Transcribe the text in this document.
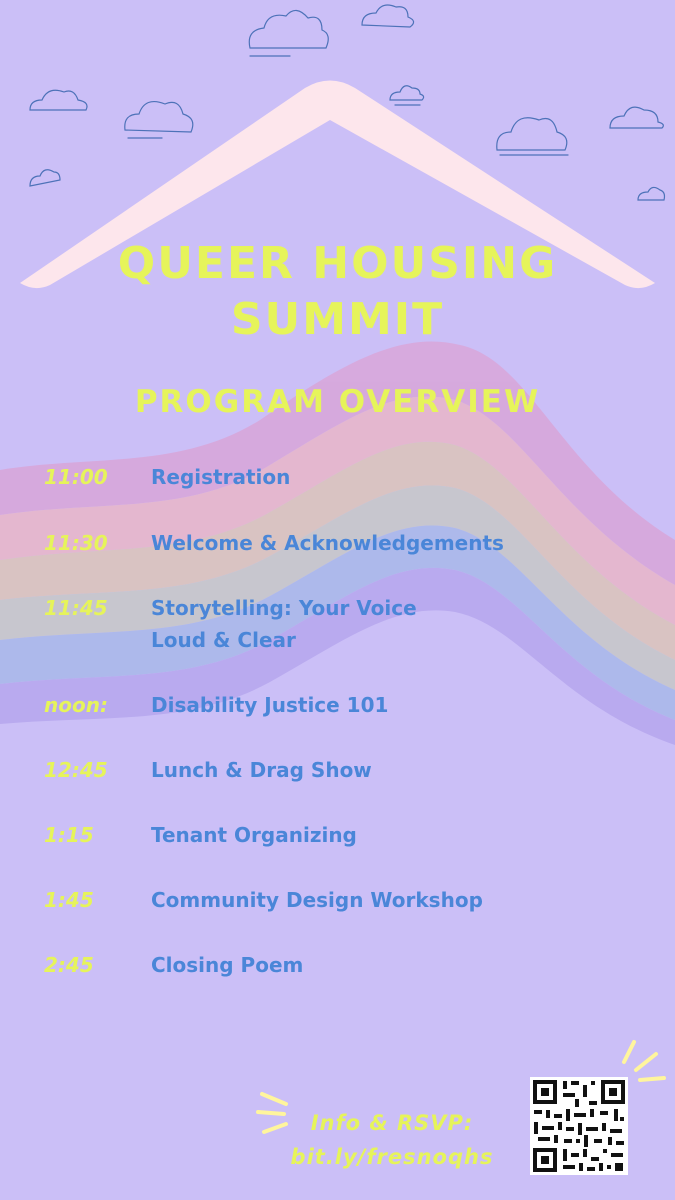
QUEER HOUSING
SUMMIT
PROGRAM OVERVIEW
11:00 Registration
11:30 Welcome & Acknowledgements
11:45 Storytelling: Your Voice
Loud & Clear
noon: Disability Justice 101
12:45 Lunch & Drag Show
1:15	Tenant Organizing
1:45	Community Design Workshop
2:45	Closing Poem
Info & RSVP:
bit.ly/fresnoqhs
